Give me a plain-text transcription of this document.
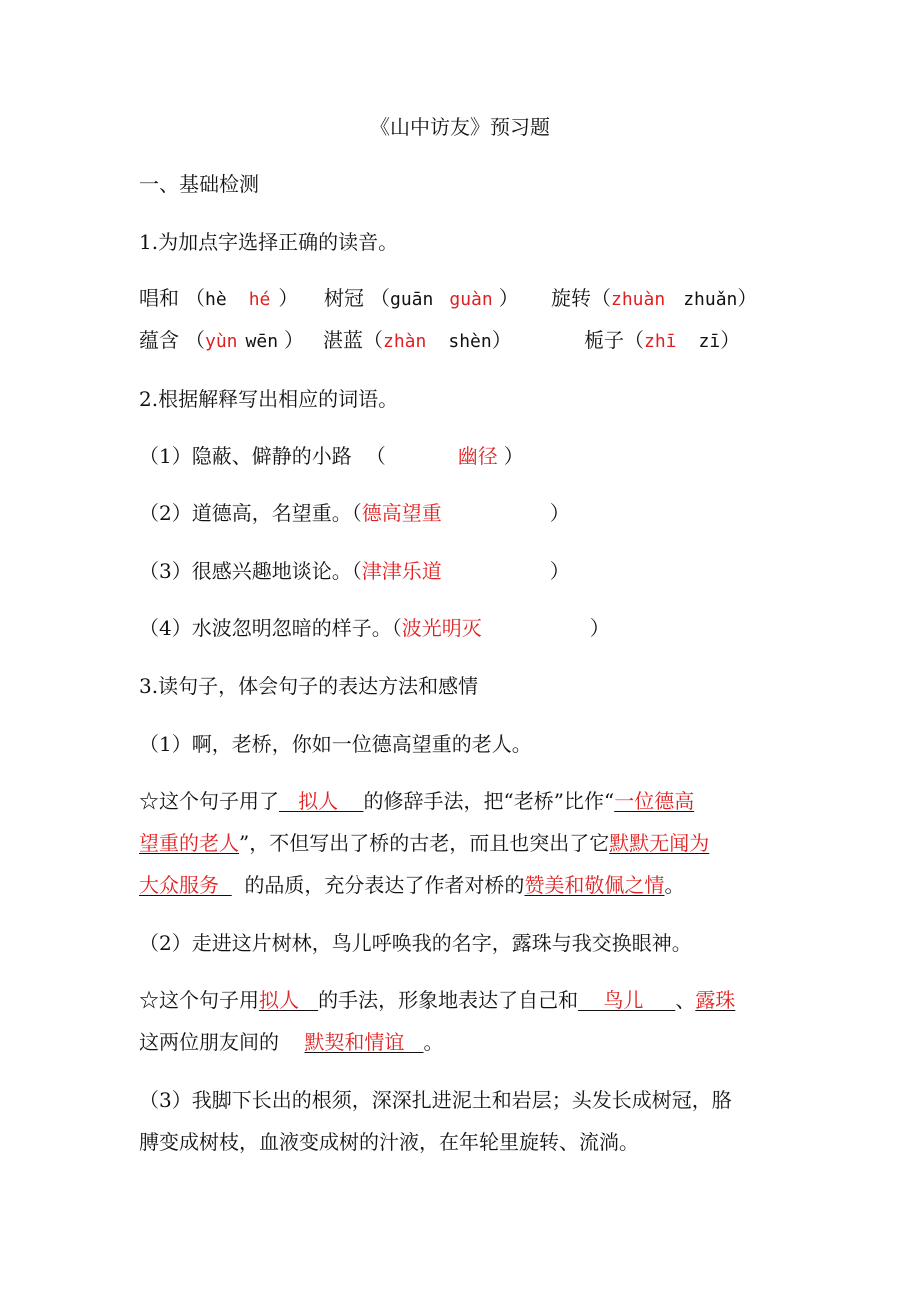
《山中访友》预习题
一、基础检测
1.为加点字选择正确的读音。
唱和 （hè hé ） 树冠 （guān guàn ） 旋转（zhuàn zhuǎn）
蕴含 （yùn wēn ） 湛蓝（zhàn shèn）	栀子（zhī zī）
2.根据解释写出相应的词语。
（1）隐蔽、僻静的小路 （	幽径 ）
（2）道德高，名望重。（德高望重	）
（3）很感兴趣地谈论。（津津乐道	）
（4）水波忽明忽暗的样子。（波光明灭	）
3.读句子，体会句子的表达方法和感情
（1）啊，老桥，你如一位德高望重的老人。
☆这个句子用了 拟人 的修辞手法，把“老桥”比作“一位德高
望重的老人”，不但写出了桥的古老，而且也突出了它默默无闻为
大众服务 的品质，充分表达了作者对桥的赞美和敬佩之情。
（2）走进这片树林，鸟儿呼唤我的名字，露珠与我交换眼神。
☆这个句子用拟人 的手法，形象地表达了自己和 鸟儿 、露珠
这两位朋友间的 默契和情谊 。
（3）我脚下长出的根须，深深扎进泥土和岩层；头发长成树冠，胳
膊变成树枝，血液变成树的汁液，在年轮里旋转、流淌。
